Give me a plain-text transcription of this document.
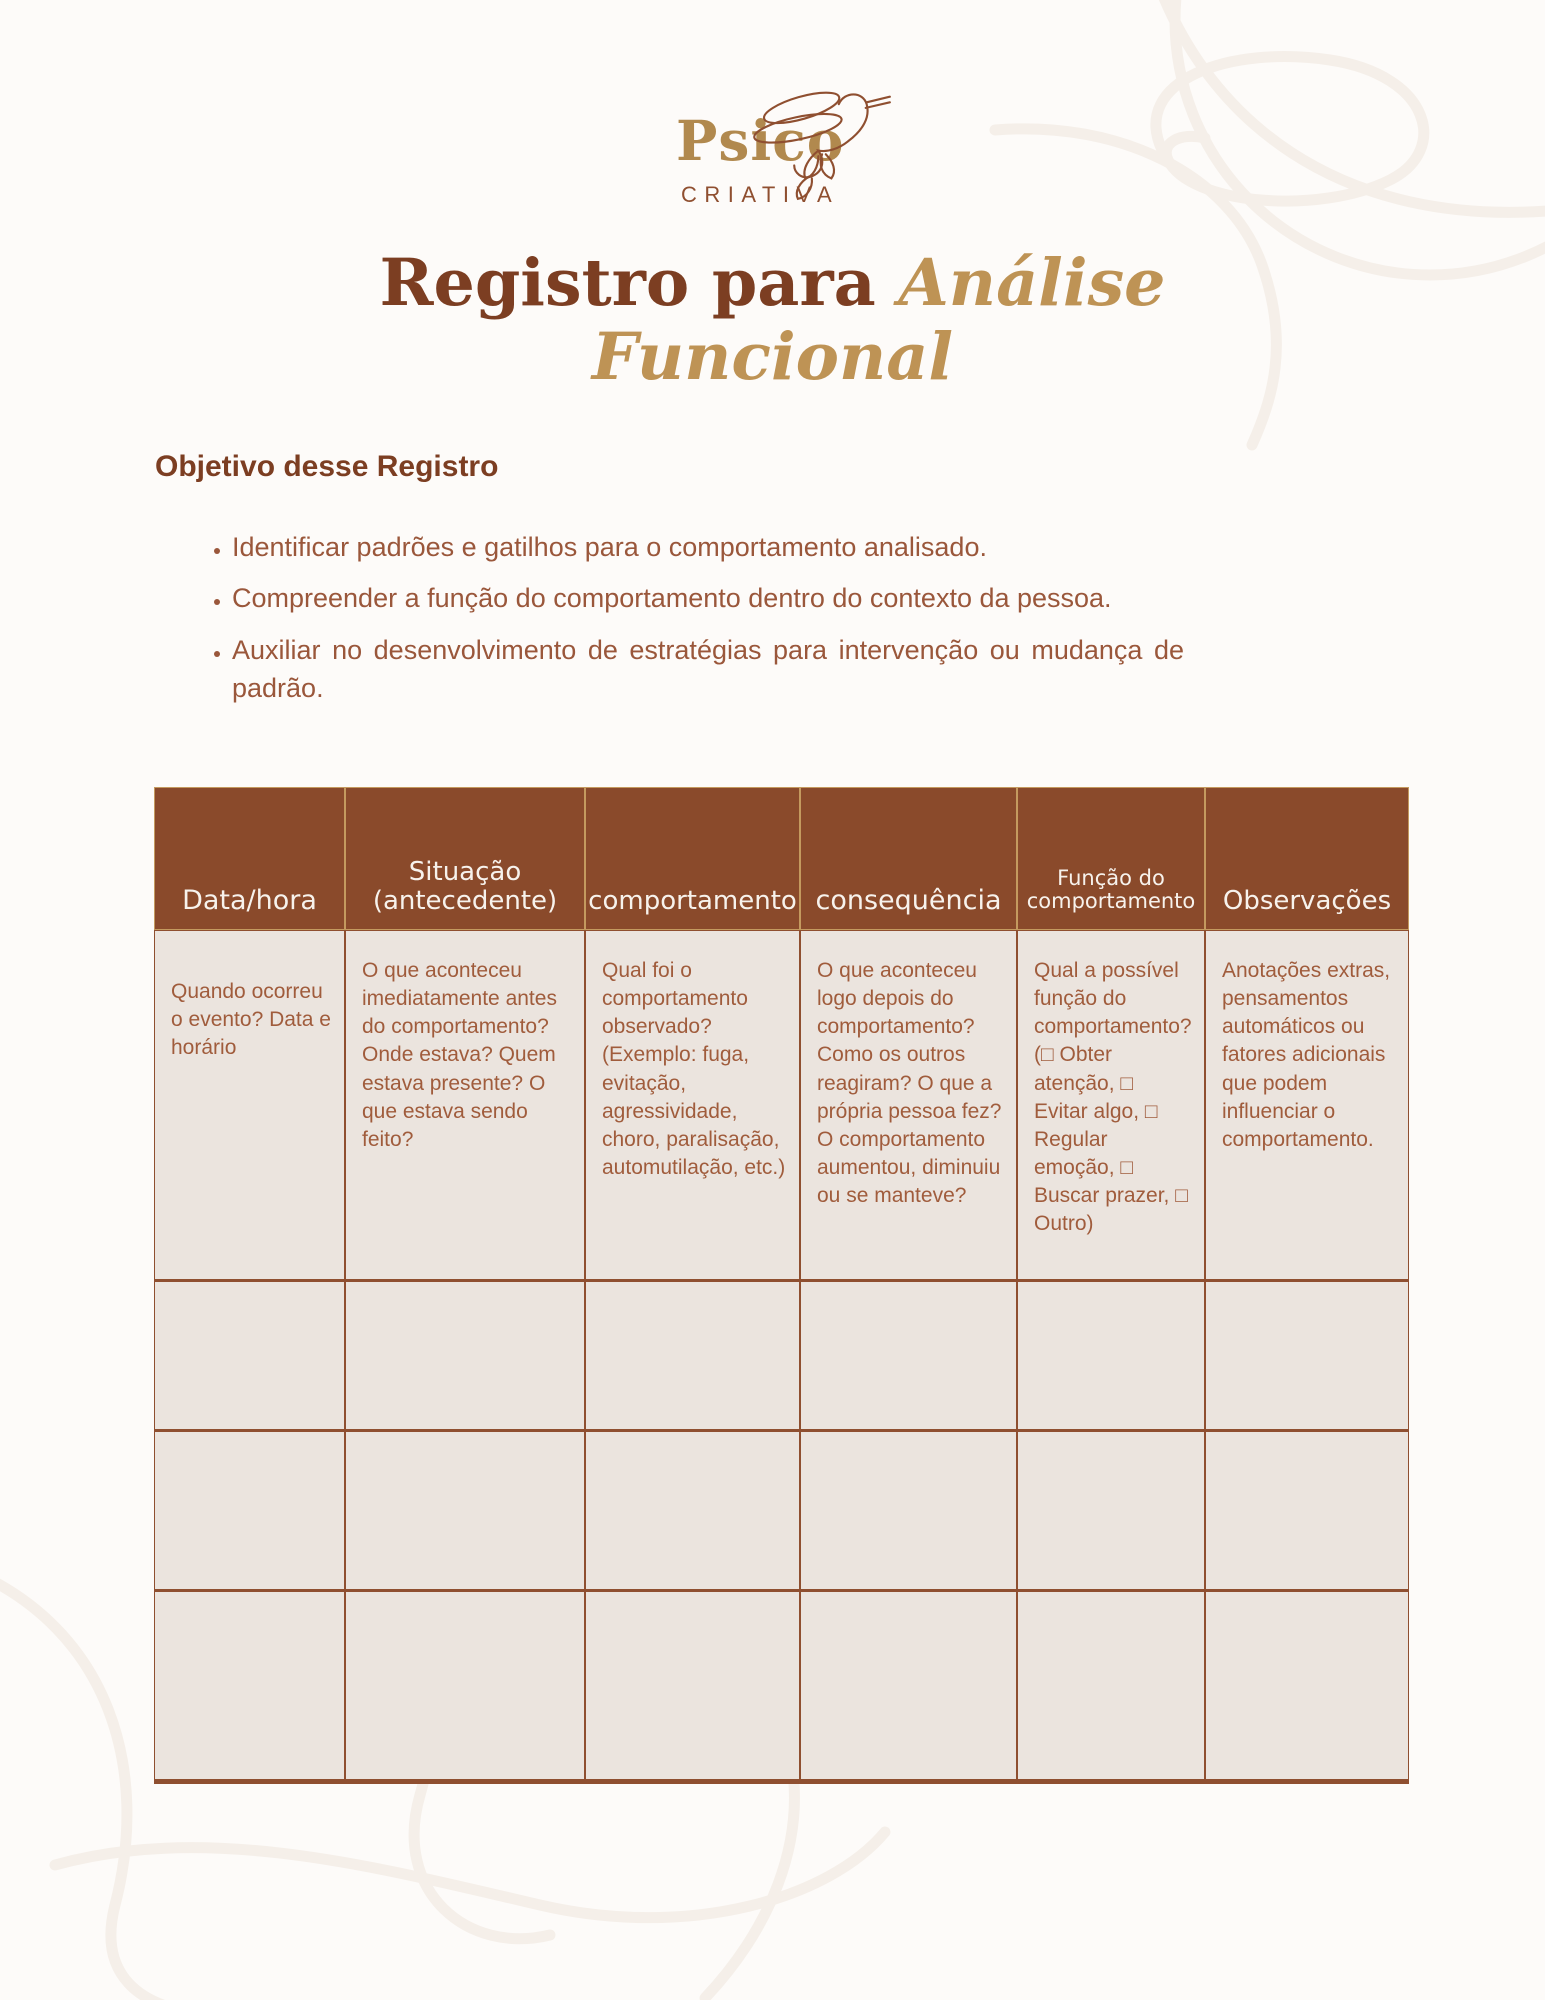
Psico
CRIATIVA
Registro para Análise
Funcional
Objetivo desse Registro
• Identificar padrões e gatilhos para o comportamento analisado.
• Compreender a função do comportamento dentro do contexto da pessoa.
• Auxiliar no desenvolvimento de estratégias para intervenção ou mudança de padrão.
Data/hora
Situação (antecedente)	comportamento consequência
Função do comportamento Observações
Quando ocorreu o evento? Data e horário
O que aconteceu imediatamente antes do comportamento? Onde estava? Quem estava presente? O que estava sendo feito?
Qual foi o comportamento observado? (Exemplo: fuga, evitação, agressividade, choro, paralisação, automutilação, etc.)
O que aconteceu logo depois do comportamento? Como os outros reagiram? O que a própria pessoa fez? O comportamento aumentou, diminuiu ou se manteve?
Qual a possível função do comportamento? (□ Obter atenção, □ Evitar algo, □ Regular emoção, □ Buscar prazer, □ Outro)
Anotações extras, pensamentos automáticos ou fatores adicionais que podem influenciar o comportamento.
